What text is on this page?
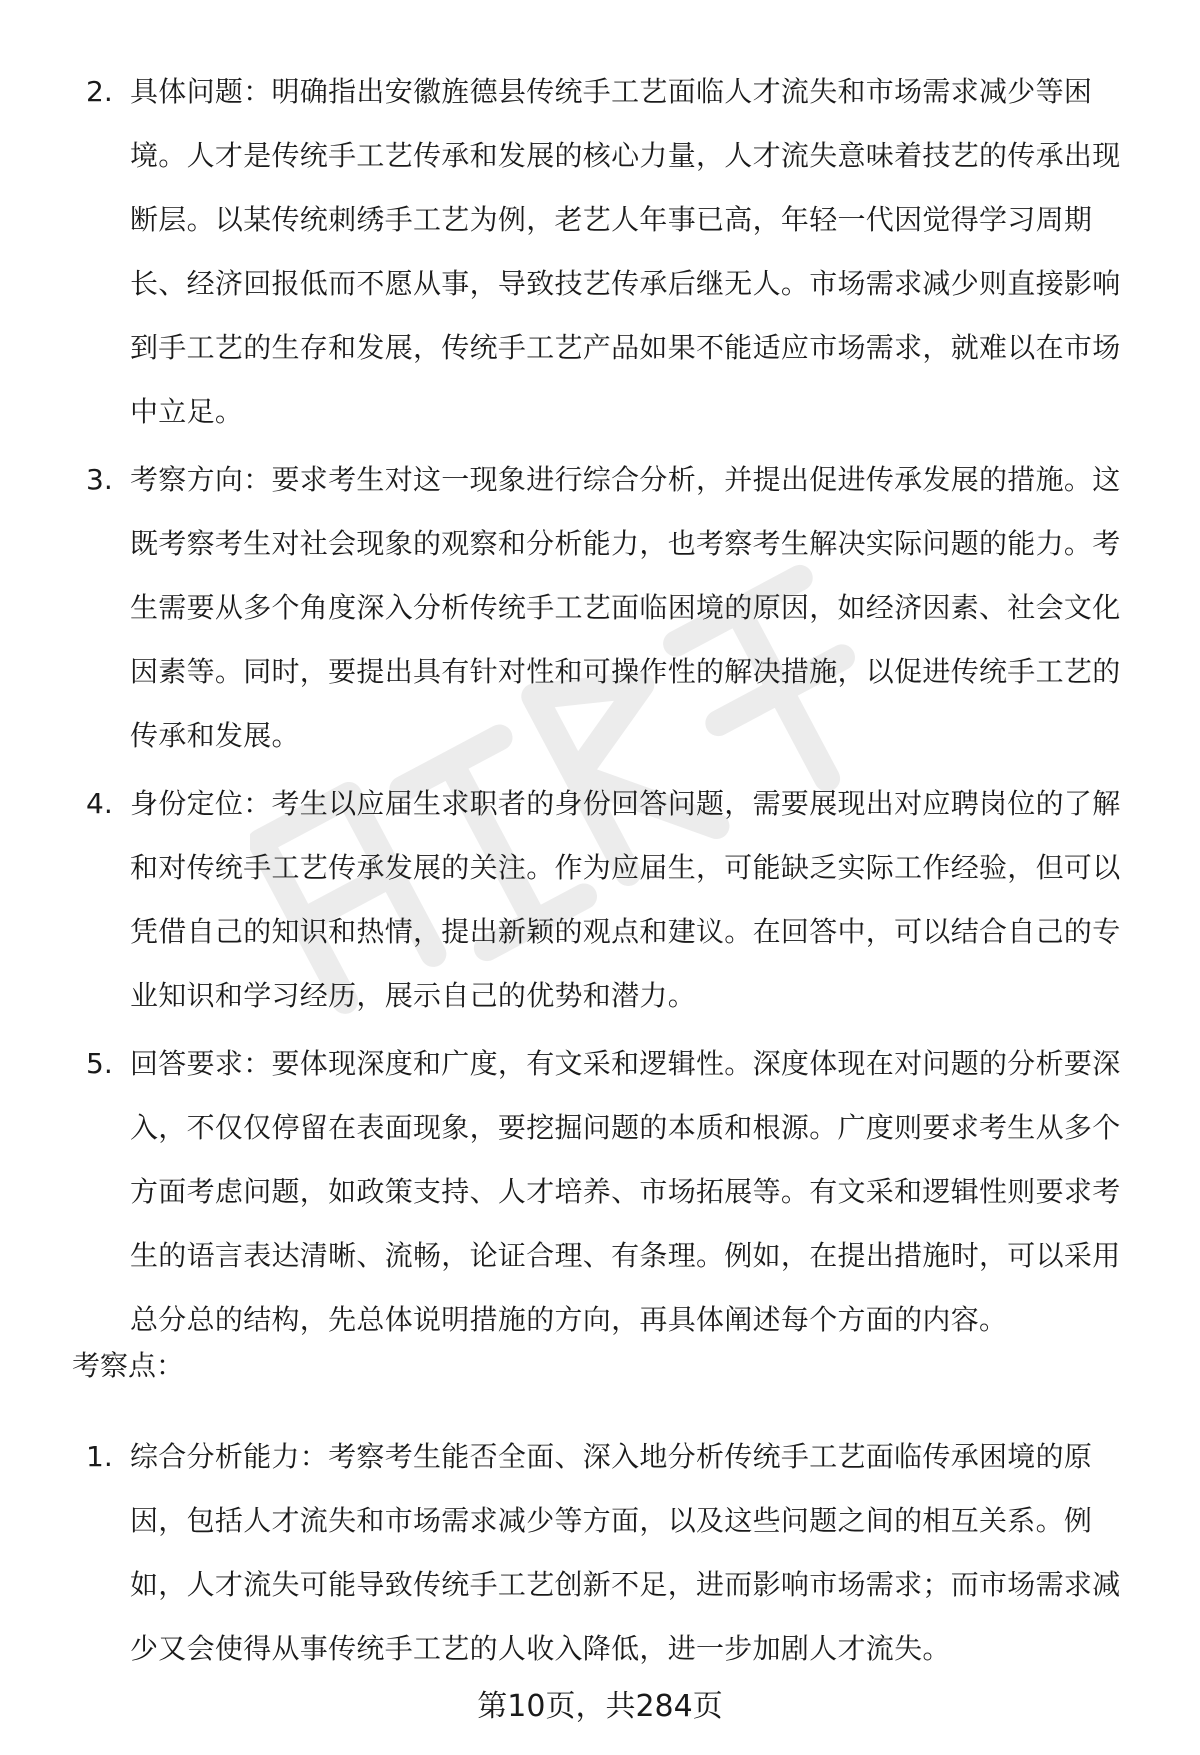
2. 具体问题：明确指出安徽旌德县传统手工艺面临人才流失和市场需求减少等困境。人才是传统手工艺传承和发展的核心力量，人才流失意味着技艺的传承出现断层。以某传统刺绣手工艺为例，老艺人年事已高，年轻一代因觉得学习周期长、经济回报低而不愿从事，导致技艺传承后继无人。市场需求减少则直接影响到手工艺的生存和发展，传统手工艺产品如果不能适应市场需求，就难以在市场中立足。
3. 考察方向：要求考生对这一现象进行综合分析，并提出促进传承发展的措施。这既考察考生对社会现象的观察和分析能力，也考察考生解决实际问题的能力。考生需要从多个角度深入分析传统手工艺面临困境的原因，如经济因素、社会文化因素等。同时，要提出具有针对性和可操作性的解决措施，以促进传统手工艺的传承和发展。
4. 身份定位：考生以应届生求职者的身份回答问题，需要展现出对应聘岗位的了解和对传统手工艺传承发展的关注。作为应届生，可能缺乏实际工作经验，但可以凭借自己的知识和热情，提出新颖的观点和建议。在回答中，可以结合自己的专业知识和学习经历，展示自己的优势和潜力。
5. 回答要求：要体现深度和广度，有文采和逻辑性。深度体现在对问题的分析要深入，不仅仅停留在表面现象，要挖掘问题的本质和根源。广度则要求考生从多个方面考虑问题，如政策支持、人才培养、市场拓展等。有文采和逻辑性则要求考生的语言表达清晰、流畅，论证合理、有条理。例如，在提出措施时，可以采用总分总的结构，先总体说明措施的方向，再具体阐述每个方面的内容。
考察点：
1. 综合分析能力：考察考生能否全面、深入地分析传统手工艺面临传承困境的原因，包括人才流失和市场需求减少等方面，以及这些问题之间的相互关系。例如，人才流失可能导致传统手工艺创新不足，进而影响市场需求；而市场需求减少又会使得从事传统手工艺的人收入降低，进一步加剧人才流失。
第10页，共284页
